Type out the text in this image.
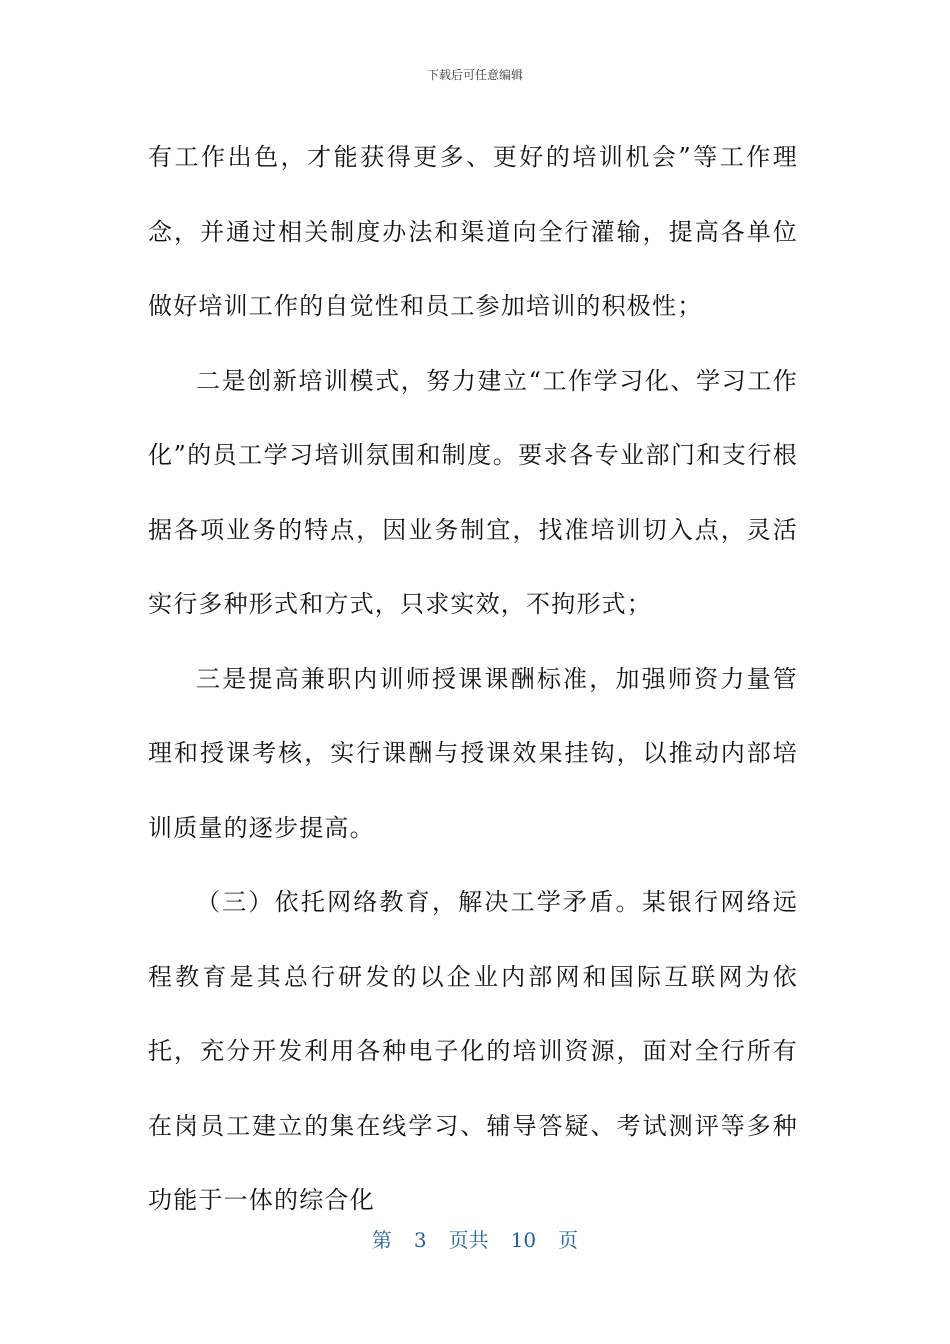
下载后可任意编辑

有工作出色，才能获得更多、更好的培训机会”等工作理念，并通过相关制度办法和渠道向全行灌输，提高各单位做好培训工作的自觉性和员工参加培训的积极性；

二是创新培训模式，努力建立“工作学习化、学习工作化”的员工学习培训氛围和制度。要求各专业部门和支行根据各项业务的特点，因业务制宜，找准培训切入点，灵活实行多种形式和方式，只求实效，不拘形式；

三是提高兼职内训师授课课酬标准，加强师资力量管理和授课考核，实行课酬与授课效果挂钩，以推动内部培训质量的逐步提高。

（三）依托网络教育，解决工学矛盾。某银行网络远程教育是其总行研发的以企业内部网和国际互联网为依托，充分开发利用各种电子化的培训资源，面对全行所有在岗员工建立的集在线学习、辅导答疑、考试测评等多种功能于一体的综合化

第 3 页共 10 页
